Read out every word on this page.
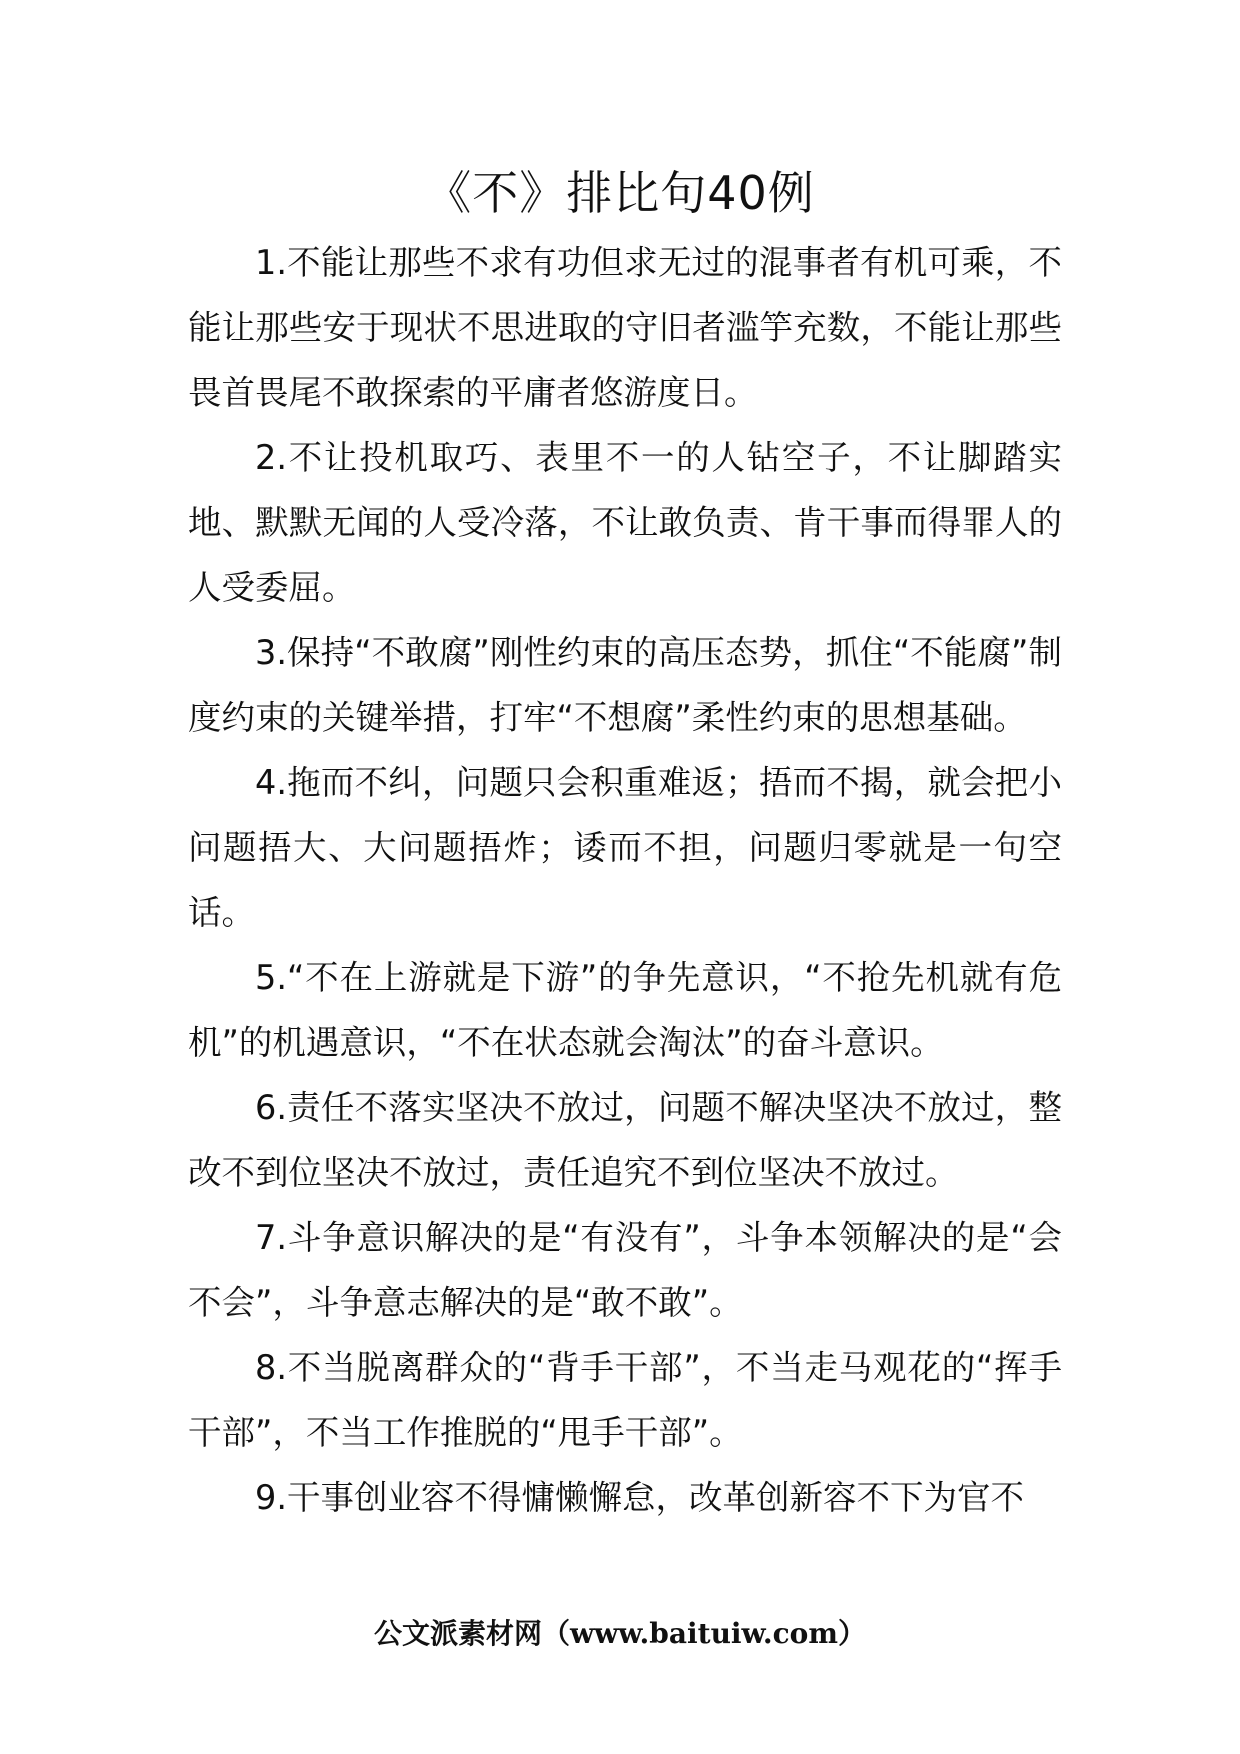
《不》排比句40例

1.不能让那些不求有功但求无过的混事者有机可乘，不能让那些安于现状不思进取的守旧者滥竽充数，不能让那些畏首畏尾不敢探索的平庸者悠游度日。

2.不让投机取巧、表里不一的人钻空子，不让脚踏实地、默默无闻的人受冷落，不让敢负责、肯干事而得罪人的人受委屈。

3.保持“不敢腐”刚性约束的高压态势，抓住“不能腐”制度约束的关键举措，打牢“不想腐”柔性约束的思想基础。

4.拖而不纠，问题只会积重难返；捂而不揭，就会把小问题捂大、大问题捂炸；诿而不担，问题归零就是一句空话。

5.“不在上游就是下游”的争先意识，“不抢先机就有危机”的机遇意识，“不在状态就会淘汰”的奋斗意识。

6.责任不落实坚决不放过，问题不解决坚决不放过，整改不到位坚决不放过，责任追究不到位坚决不放过。

7.斗争意识解决的是“有没有”，斗争本领解决的是“会不会”，斗争意志解决的是“敢不敢”。

8.不当脱离群众的“背手干部”，不当走马观花的“挥手干部”，不当工作推脱的“甩手干部”。

9.干事创业容不得慵懒懈怠，改革创新容不下为官不

公文派素材网（www.baituiw.com）
